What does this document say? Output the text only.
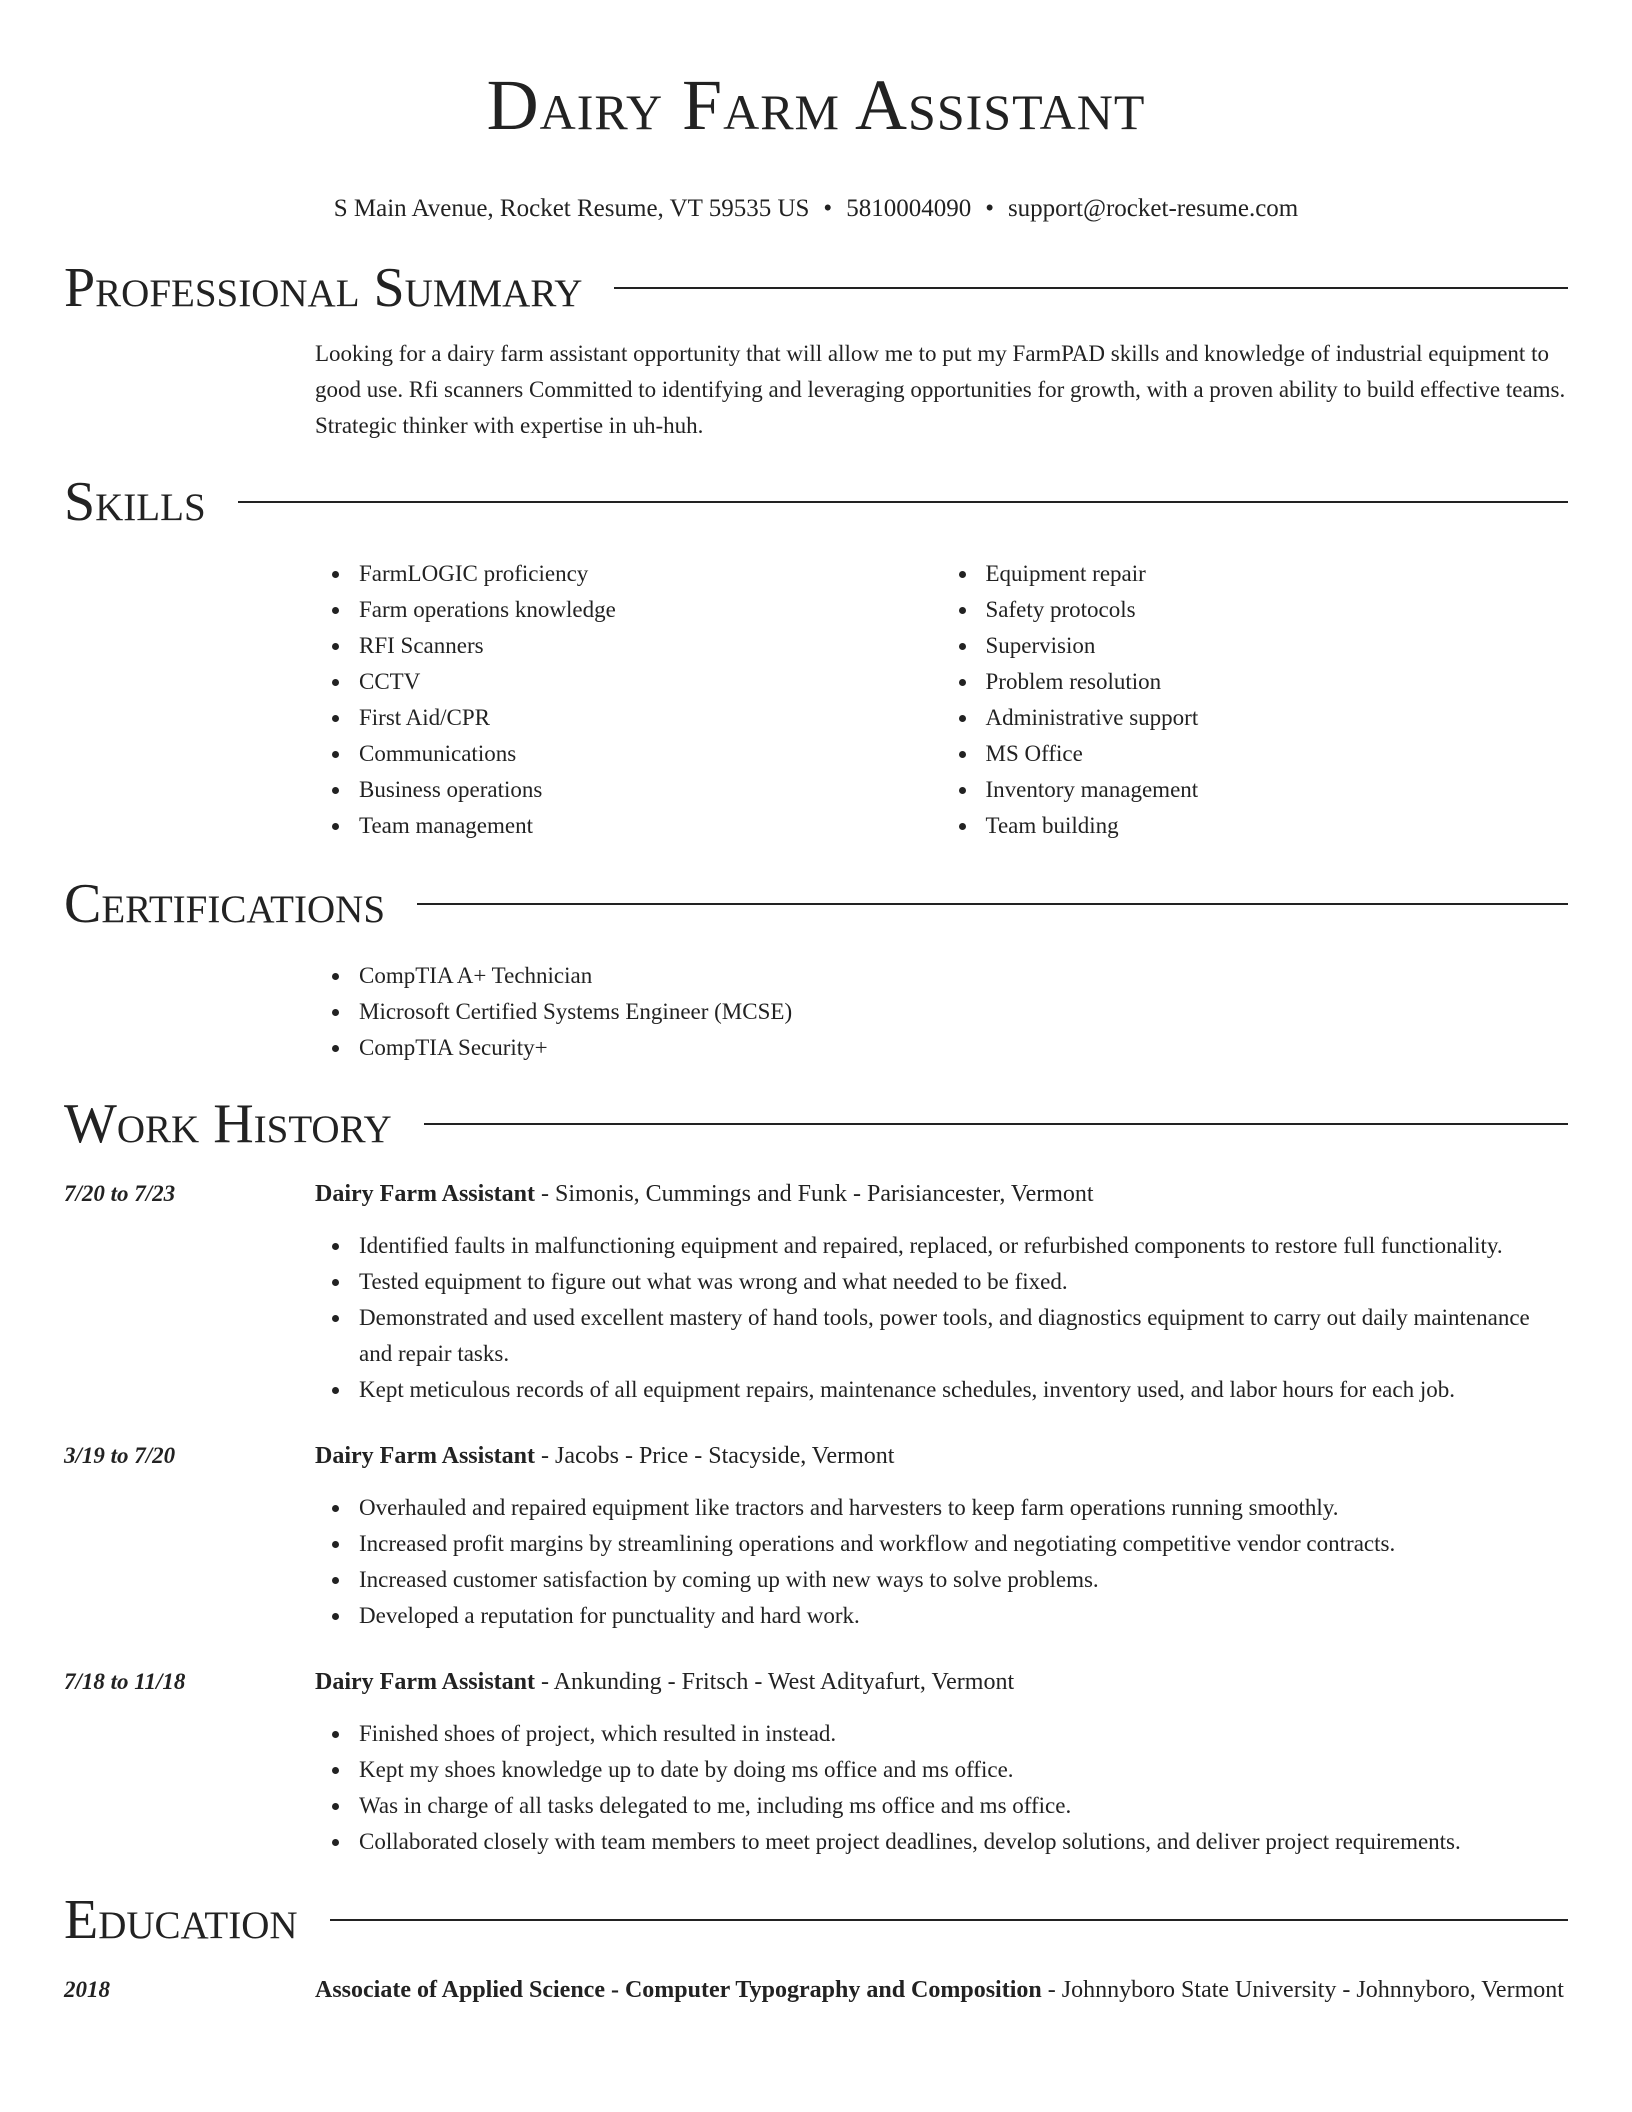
Dairy Farm Assistant
S Main Avenue, Rocket Resume, VT 59535 US • 5810004090 • support@rocket-resume.com
Professional Summary

Looking for a dairy farm assistant opportunity that will allow me to put my FarmPAD skills and knowledge of industrial equipment to good use. Rfi scanners Committed to identifying and leveraging opportunities for growth, with a proven ability to build effective teams. Strategic thinker with expertise in uh-huh.

Skills
FarmLOGIC proficiency
Farm operations knowledge
RFI Scanners
CCTV
First Aid/CPR
Communications
Business operations
Team management
Equipment repair
Safety protocols
Supervision
Problem resolution
Administrative support
MS Office
Inventory management
Team building
Certifications
CompTIA A+ Technician
Microsoft Certified Systems Engineer (MCSE)
CompTIA Security+
Work History
7/20 to 7/23	Dairy Farm Assistant - Simonis, Cummings and Funk - Parisiancester, Vermont
Identified faults in malfunctioning equipment and repaired, replaced, or refurbished components to restore full functionality.
Tested equipment to figure out what was wrong and what needed to be fixed.
Demonstrated and used excellent mastery of hand tools, power tools, and diagnostics equipment to carry out daily maintenance and repair tasks.
Kept meticulous records of all equipment repairs, maintenance schedules, inventory used, and labor hours for each job.
3/19 to 7/20	Dairy Farm Assistant - Jacobs - Price - Stacyside, Vermont
Overhauled and repaired equipment like tractors and harvesters to keep farm operations running smoothly.
Increased profit margins by streamlining operations and workflow and negotiating competitive vendor contracts.
Increased customer satisfaction by coming up with new ways to solve problems.
Developed a reputation for punctuality and hard work.
7/18 to 11/18	Dairy Farm Assistant - Ankunding - Fritsch - West Adityafurt, Vermont
Finished shoes of project, which resulted in instead.
Kept my shoes knowledge up to date by doing ms office and ms office.
Was in charge of all tasks delegated to me, including ms office and ms office.
Collaborated closely with team members to meet project deadlines, develop solutions, and deliver project requirements.
Education
2018	Associate of Applied Science - Computer Typography and Composition - Johnnyboro State University - Johnnyboro, Vermont
